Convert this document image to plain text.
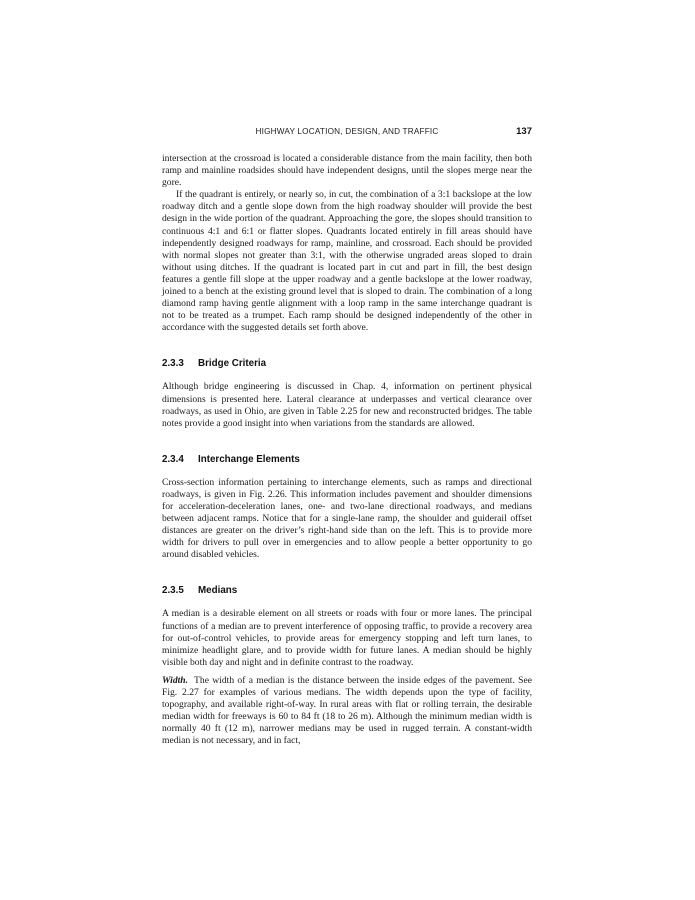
HIGHWAY LOCATION, DESIGN, AND TRAFFIC	137

intersection at the crossroad is located a considerable distance from the main facility, then both ramp and mainline roadsides should have independent designs, until the slopes merge near the gore.

If the quadrant is entirely, or nearly so, in cut, the combination of a 3:1 backslope at the low roadway ditch and a gentle slope down from the high roadway shoulder will provide the best design in the wide portion of the quadrant. Approaching the gore, the slopes should transition to continuous 4:1 and 6:1 or flatter slopes. Quadrants located entirely in fill areas should have independently designed roadways for ramp, mainline, and crossroad. Each should be provided with normal slopes not greater than 3:1, with the otherwise ungraded areas sloped to drain without using ditches. If the quadrant is located part in cut and part in fill, the best design features a gentle fill slope at the upper roadway and a gentle backslope at the lower roadway, joined to a bench at the existing ground level that is sloped to drain. The combination of a long diamond ramp having gentle alignment with a loop ramp in the same interchange quadrant is not to be treated as a trumpet. Each ramp should be designed independently of the other in accordance with the suggested details set forth above.

2.3.3 Bridge Criteria

Although bridge engineering is discussed in Chap. 4, information on pertinent physical dimensions is presented here. Lateral clearance at underpasses and vertical clearance over roadways, as used in Ohio, are given in Table 2.25 for new and reconstructed bridges. The table notes provide a good insight into when variations from the standards are allowed.

2.3.4 Interchange Elements

Cross-section information pertaining to interchange elements, such as ramps and directional roadways, is given in Fig. 2.26. This information includes pavement and shoulder dimensions for acceleration-deceleration lanes, one- and two-lane directional roadways, and medians between adjacent ramps. Notice that for a single-lane ramp, the shoulder and guiderail offset distances are greater on the driver’s right-hand side than on the left. This is to provide more width for drivers to pull over in emergencies and to allow people a better opportunity to go around disabled vehicles.

2.3.5 Medians

A median is a desirable element on all streets or roads with four or more lanes. The principal functions of a median are to prevent interference of opposing traffic, to provide a recovery area for out-of-control vehicles, to provide areas for emergency stopping and left turn lanes, to minimize headlight glare, and to provide width for future lanes. A median should be highly visible both day and night and in definite contrast to the roadway.

Width. The width of a median is the distance between the inside edges of the pavement. See Fig. 2.27 for examples of various medians. The width depends upon the type of facility, topography, and available right-of-way. In rural areas with flat or rolling terrain, the desirable median width for freeways is 60 to 84 ft (18 to 26 m). Although the minimum median width is normally 40 ft (12 m), narrower medians may be used in rugged terrain. A constant-width median is not necessary, and in fact,
